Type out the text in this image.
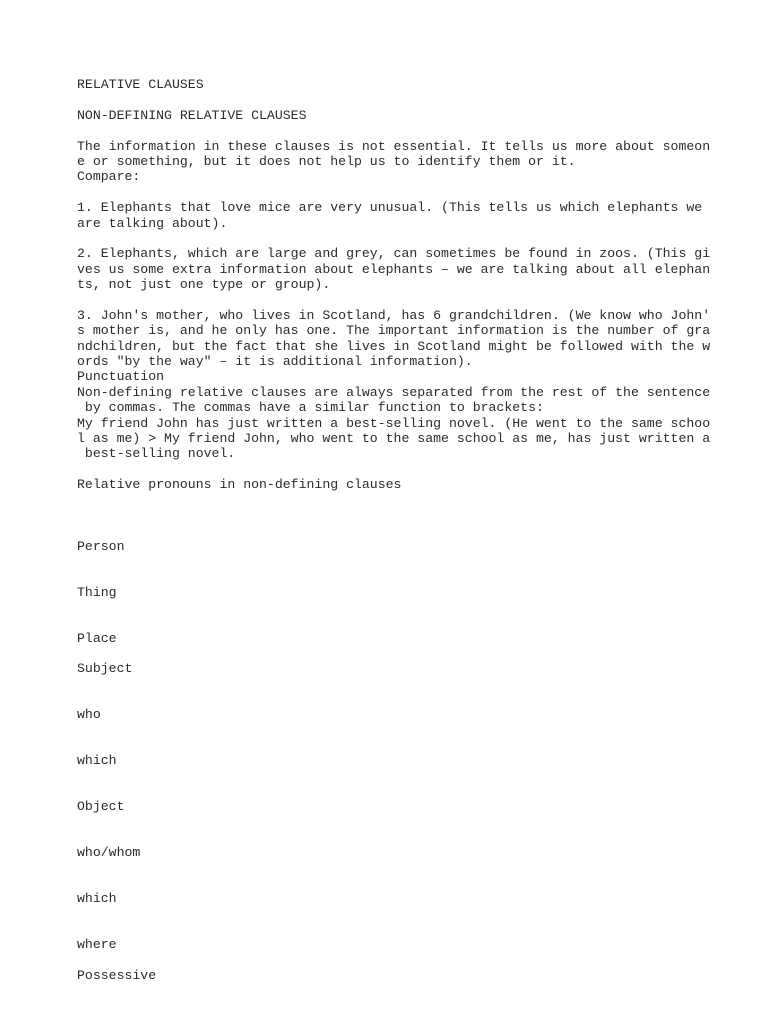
RELATIVE CLAUSES
NON-DEFINING RELATIVE CLAUSES
The information in these clauses is not essential. It tells us more about someon
e or something, but it does not help us to identify them or it.
Compare:
1. Elephants that love mice are very unusual. (This tells us which elephants we
are talking about).
2. Elephants, which are large and grey, can sometimes be found in zoos. (This gi
ves us some extra information about elephants – we are talking about all elephan
ts, not just one type or group).
3. John's mother, who lives in Scotland, has 6 grandchildren. (We know who John'
s mother is, and he only has one. The important information is the number of gra
ndchildren, but the fact that she lives in Scotland might be followed with the w
ords "by the way" – it is additional information).
Punctuation
Non-defining relative clauses are always separated from the rest of the sentence
by commas. The commas have a similar function to brackets:
My friend John has just written a best-selling novel. (He went to the same schoo
l as me) > My friend John, who went to the same school as me, has just written a
best-selling novel.
Relative pronouns in non-defining clauses
Person
Thing
Place
Subject
who
which
Object
who/whom
which
where
Possessive
